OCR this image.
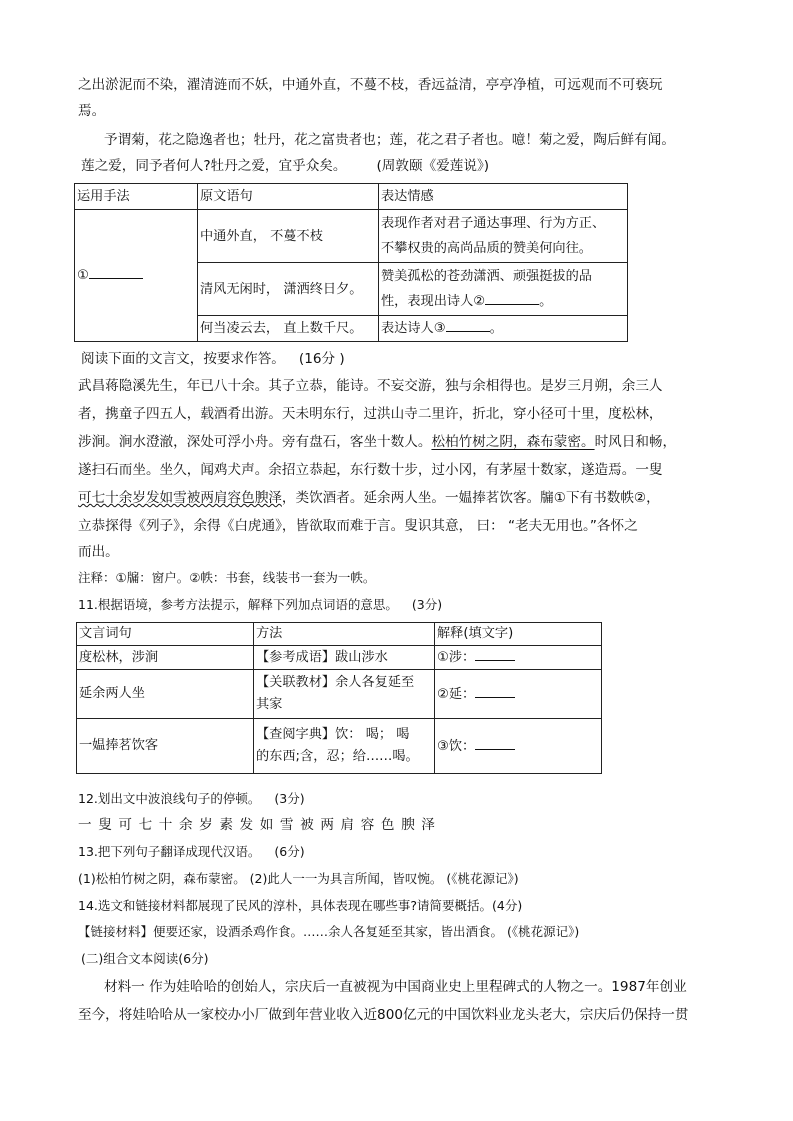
之出淤泥而不染，濯清涟而不妖，中通外直，不蔓不枝，香远益清，亭亭净植，可远观而不可亵玩
焉。
予谓菊，花之隐逸者也；牡丹，花之富贵者也；莲，花之君子者也。噫！菊之爱，陶后鲜有闻。
莲之爱，同予者何人?牡丹之爱，宜乎众矣。 (周敦颐《爱莲说》)
运用手法	原文语句	表达情感
①	中通外直， 不蔓不枝	表现作者对君子通达事理、行为方正、
不攀权贵的高尚品质的赞美何向往。

	清风无闲时， 潇洒终日夕。	赞美孤松的苍劲潇洒、顽强挺拔的品
性，表现出诗人② 。

	何当凌云去， 直上数千尺。	表达诗人③ 。
阅读下面的文言文，按要求作答。 (16分 )
武昌蒋隐溪先生，年已八十余。其子立恭，能诗。不妄交游，独与余相得也。是岁三月朔，余三人
者，携童子四五人，载酒肴出游。天未明东行，过洪山寺二里许，折北，穿小径可十里，度松林，
涉涧。涧水澄澈，深处可浮小舟。旁有盘石，客坐十数人。松柏竹树之阴，森布蒙密。时风日和畅，
遂扫石而坐。坐久，闻鸡犬声。余招立恭起，东行数十步，过小冈，有茅屋十数家，遂造焉。一叟
可七十余岁发如雪被两肩容色腴泽，类饮酒者。延余两人坐。一媪捧茗饮客。牖①下有书数帙②，
立恭探得《列子》，余得《白虎通》，皆欲取而难于言。叟识其意， 曰： “老夫无用也。”各怀之
而出。
注释：①牖：窗户。②帙：书套，线装书一套为一帙。
11.根据语境，参考方法提示，解释下列加点词语的意思。 (3分)
文言词句	方法	解释(填文字)
度松林，涉涧	【参考成语】跋山涉水	①涉：
延余两人坐	【关联教材】余人各复延至
其家	②延：
一媪捧茗饮客	【查阅字典】饮： 喝； 喝
的东西;含，忍；给……喝。	③饮：
12.划出文中波浪线句子的停顿。 (3分)
一叟可七十余岁素发如雪被两肩容色腴泽
13.把下列句子翻译成现代汉语。 (6分)
(1)松柏竹树之阴，森布蒙密。 (2)此人一一为具言所闻，皆叹惋。 (《桃花源记》)
14.选文和链接材料都展现了民风的淳朴，具体表现在哪些事?请简要概括。(4分)
【链接材料】便要还家，设酒杀鸡作食。……余人各复延至其家，皆出酒食。 (《桃花源记》)
(二)组合文本阅读(6分)
材料一 作为娃哈哈的创始人，宗庆后一直被视为中国商业史上里程碑式的人物之一。1987年创业
至今，将娃哈哈从一家校办小厂做到年营业收入近800亿元的中国饮料业龙头老大，宗庆后仍保持一贯
